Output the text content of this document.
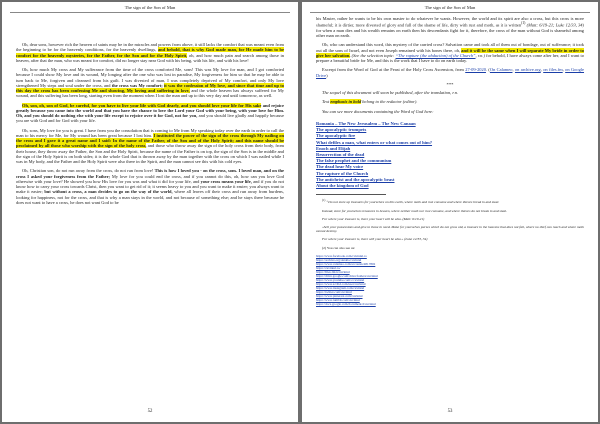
The sign of the Son of Man

Oh, dear sons, however rich the heaven of saints may be in the miracles and powers from above, it still lacks the comfort that was meant even from the beginning to be for the heavenly conditions, for the heavenly dwellings, and behold, that is why God made man, for He made him to be comfort for the heavenly mysteries, for the Father, for the Son and for the Holy Spirit, oh, and how much pain and search among those in heaven, after that the man, who was meant for comfort, did no longer stay near God with his being, with his life, and with his love!

Oh, how much My cross and My sufferance from the time of the cross comforted Me, sons! This was My love for man, and I got comforted because I could show My love and its wound, My longing after the one who was lost in paradise, My forgiveness for him so that he may be able to turn back to Me, forgiven and cleansed from his guilt. I was divested of man, I was completely deprived of My comfort, and only My love strengthened My steps and soul under the cross, and the cross was My comfort; it was the confession of My love, and since that time and up to this day the cross has been confessing Me and showing, My loving and suffering in love, and the whole heaven has always suffered for My wound, and this suffering has been long, starting even from the moment when I lost the man and up to this very day and until tomorrow, as well.

Oh, son, oh, son of God, be careful, for you have to live your life with God dearly, and you should love your life for His sake and rejoice greatly because you came into the world and that you have the chance to love the Lord your God with your being, with your love for Him. Oh, and you should do nothing else with your life except to rejoice over it for God, not for you, and you should live gladly and happily because you are with God and for God with your life.

Oh, sons, My love for you is great. I have from you the consolation that is coming to Me from My speaking today over the earth in order to call the man to his mercy for Me, for My wound has been great because I lost him. I instituted the power of the sign of the cross through My nailing on the cross and I gave it a great name and I said: In the name of the Father, of the Son and of the Holy Spirit; and this name should be proclaimed by all those who worship with the sign of the holy cross, and those who throw away the sign of the holy cross from their body, from their house, they throw away the Father, the Son and the Holy Spirit, because the name of the Father is on top, the sign of the Son is in the middle and the sign of the Holy Spirit is on both sides; it is the whole God that is thrown away by the man together with the cross on which I was nailed while I was in My body, and the Father and the Holy Spirit were also there in the Spirit, and the man cannot see this with his cold eyes.

Oh, Christian son, do not run away from the cross, do not run from love! This is how I loved you - on the cross, sons. I loved man, and on the cross I asked your forgiveness from the Father; My love for you could end the cross, and if you cannot do this, oh, how can you love God otherwise with your love? He showed you how His love for you was and what it did for your life, and your cross means your life, and if you do not know how to carry your cross towards Christ, then you want to get rid of it; it seems heavy to you and you want to make it easier; you always want to make it easier; but without a cross, a man decides to go on the way of the world, where all leaves off their cross and run away from burdens, looking for happiness, not for the cross, and that is why a man stays in the world, and not because of something else; and he stays there because he does not want to have a cross, he does not want God to be

52
The sign of the Son of Man

his Master, rather he wants to be his own master to do whatever he wants. However, the world and its spirit are also a cross, but this cross is more shameful; it is dirtier, more divested of glory and full of the shame of life, dirty with rust and moth, as it is written$^{(1)}$ (Matt: 6/19-21; Luke 12/33, 34) for when a man dies and his wealth remains on earth then his descendants fight for it, therefore, the cross of the man without God is shameful among other man on earth.

Oh, who can understand this word, this mystery of the carried cross? Salvation came and took all of them out of bondage, out of sufferance; it took out all the sons of Israel, and not even Joseph remained with his bones there, oh, and it will be the same when I will separate My bride in order to give her salvation. (See the selection topic: “The rapture (the abduction) of the Church”, r.n.) for behold, I have always come after her, and I want to prepare a beautiful bride for Me, and this is the work that I have to do on earth today.

Excerpt from the Word of God at the Feast of the Holy Cross Ascension, from 27-09-2020. (On Calameo, on archive.org, on files.fm, on Google Drive)

***

The sequel of this document will soon be published, after the translation, r.n.

Text emphasis in bold belong to the redactor (editor).

You can see more documents containing the Word of God here:

Romania – The New Jerusalem – The New Canaan
The apocalyptic trumpets
The apocalyptic fire
What defiles a man, what enters or what comes out of him?
Enoch and Elijah
Resurrection of the dead
The false prophet and the communism
The dead hear My voice
The rapture of the Church
The antichrist and the apocalyptic beast
About the kingdom of God

$^{(1)}$ “Do not store up treasures for yourselves on this earth, where moth and rust consume and where thieves break in and steal.

Instead, store for yourselves treasures in heaven, where neither moth nor rust consume, and where thieves do not break in and steal.

For where your treasure is, there your heart will be also. (Matt: 6/19-21)

«Sell your possessions and give to those in need. Make for yourselves purses which do not grow old, a treasure in the heavens that does not fail, where no thief can reach and where moth cannot destroy.

For where your treasure is, there will your heart be also.» (Luke 12/33, 34)

(2) You can also see us:

https://www.facebook.com/cuvintul.ro
https://archive.org/details/cuvintul
https://www.calameo.com/accounts/4817802
https://cuvintul.ro/
https://files.fm/u/cuvintul
https://drive.google.com/drive/folders/cuvintul
https://www.youtube.com/c/cuvintul
https://www.scribd.com/user/cuvintul
https://www.instagram.com/cuvintul
https://twitter.com/cuvintul
https://www.pinterest.com/cuvintul
https://www.tumblr.com/cuvintul
https://docs.google.com/document/d/cuvintul
53
